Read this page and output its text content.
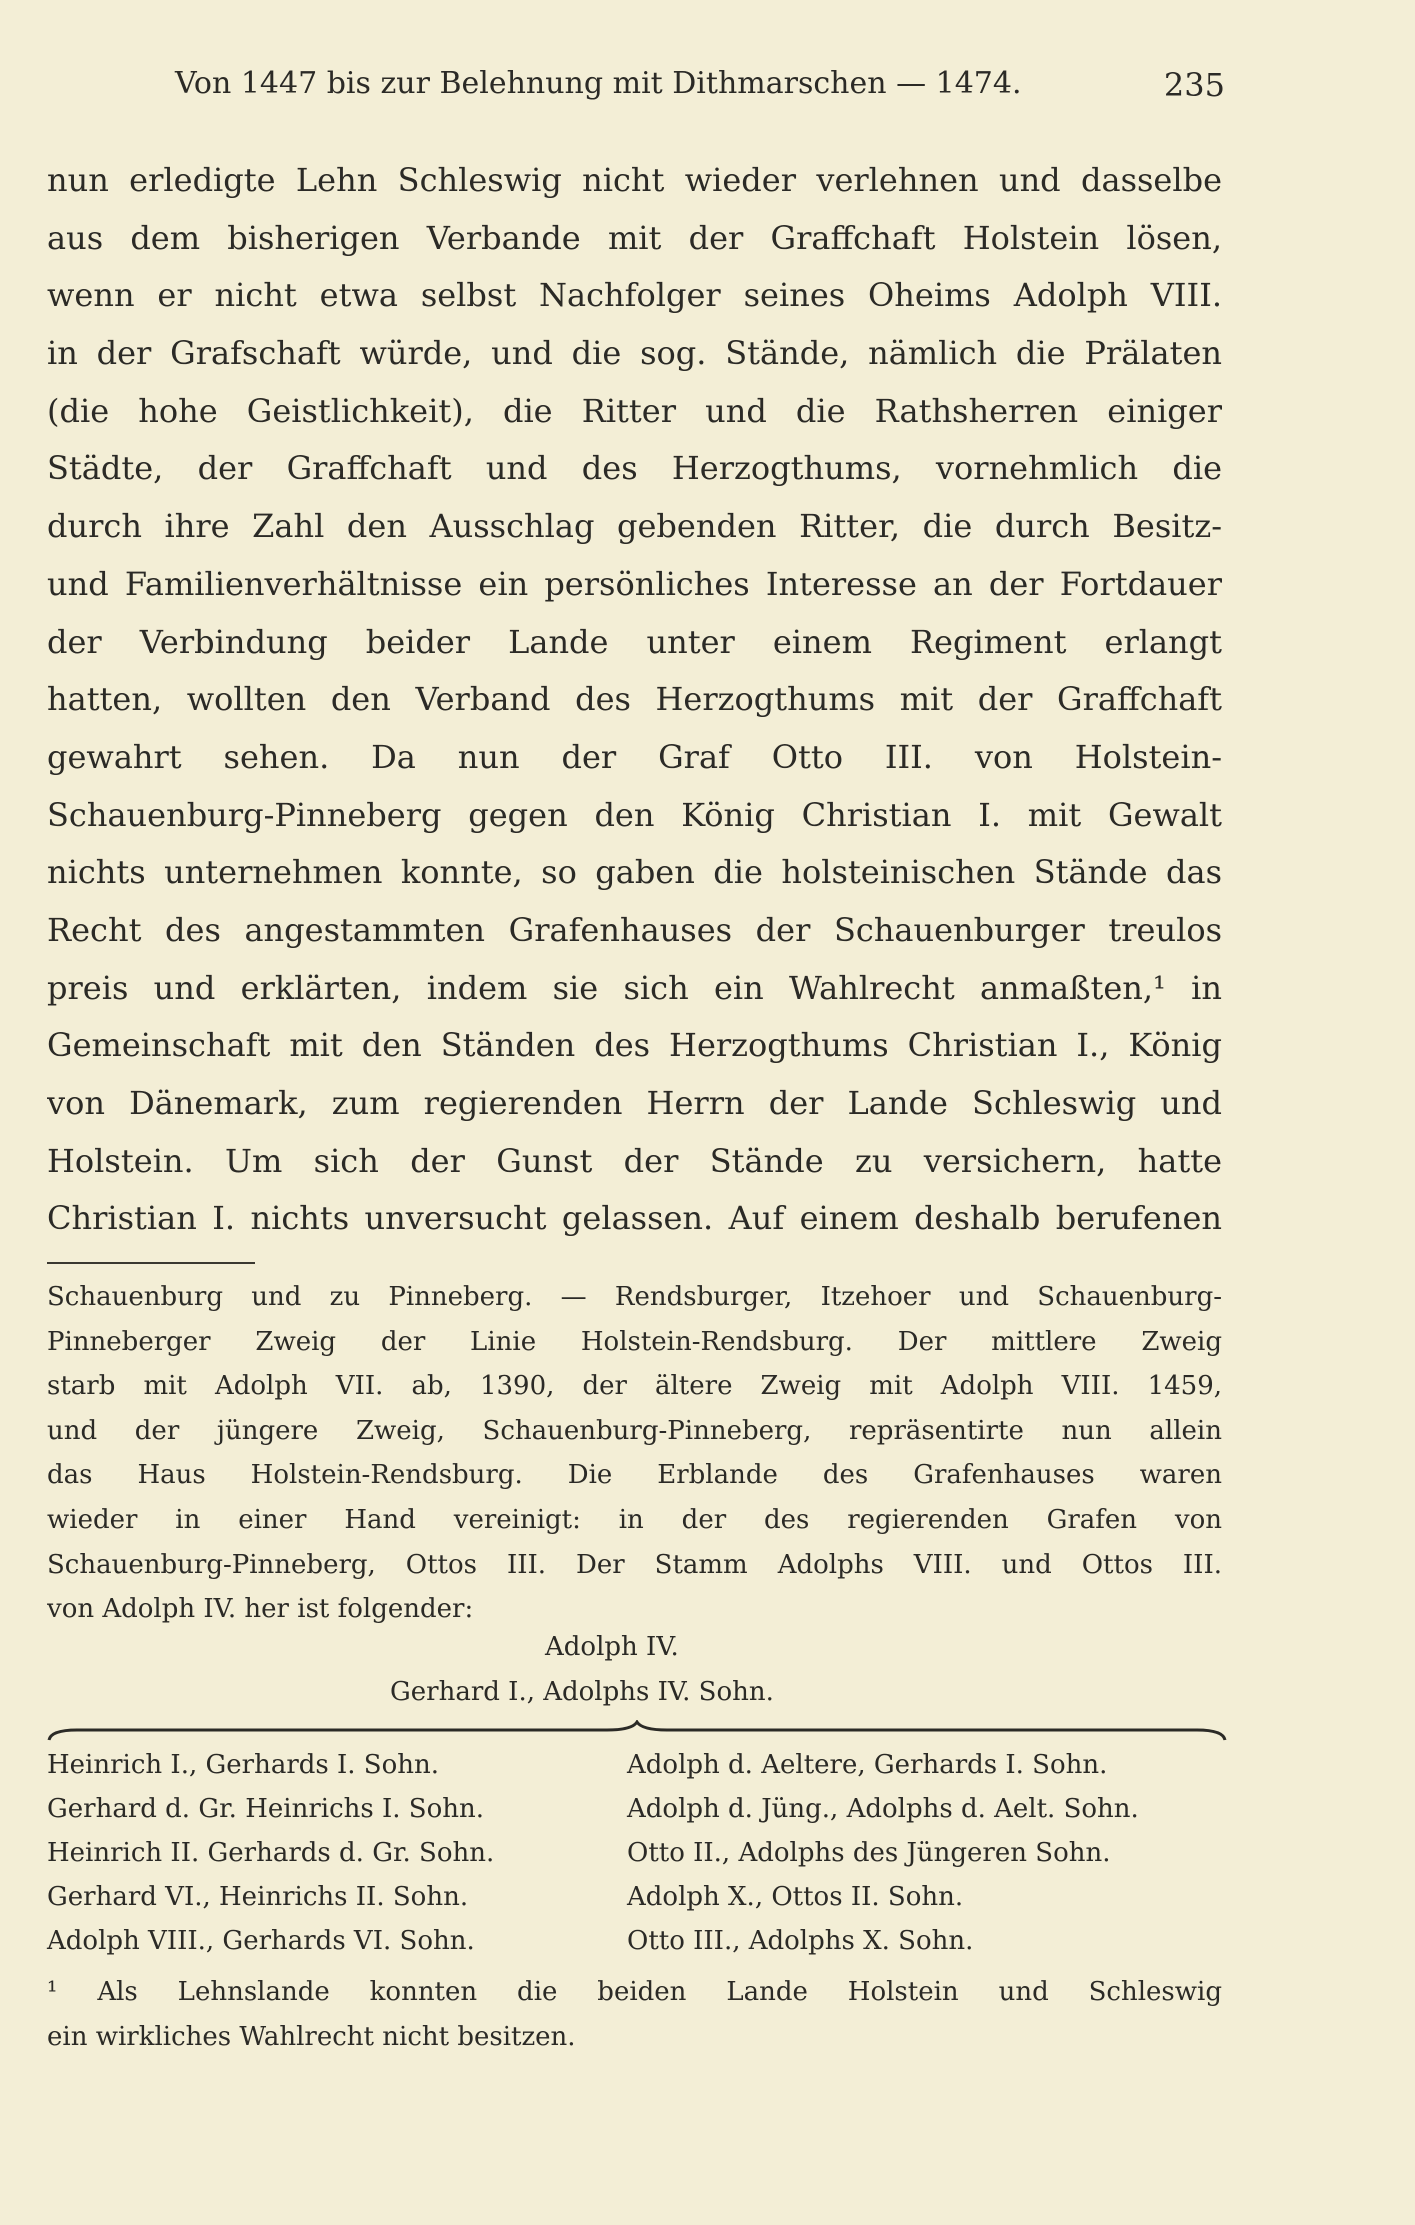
Von 1447 bis zur Belehnung mit Dithmarschen — 1474.	235
nun erledigte Lehn Schleswig nicht wieder verlehnen und dasselbe
aus dem bisherigen Verbande mit der Graffchaft Holstein lösen,
wenn er nicht etwa selbst Nachfolger seines Oheims Adolph VIII.
in der Grafschaft würde, und die sog. Stände, nämlich die Prälaten
(die hohe Geistlichkeit), die Ritter und die Rathsherren einiger
Städte, der Graffchaft und des Herzogthums, vornehmlich die
durch ihre Zahl den Ausschlag gebenden Ritter, die durch Besitz-
und Familienverhältnisse ein persönliches Interesse an der Fortdauer
der Verbindung beider Lande unter einem Regiment erlangt
hatten, wollten den Verband des Herzogthums mit der Graffchaft
gewahrt sehen. Da nun der Graf Otto III. von Holstein-
Schauenburg-Pinneberg gegen den König Christian I. mit Gewalt
nichts unternehmen konnte, so gaben die holsteinischen Stände das
Recht des angestammten Grafenhauses der Schauenburger treulos
preis und erklärten, indem sie sich ein Wahlrecht anmaßten,¹ in
Gemeinschaft mit den Ständen des Herzogthums Christian I., König
von Dänemark, zum regierenden Herrn der Lande Schleswig und
Holstein. Um sich der Gunst der Stände zu versichern, hatte
Christian I. nichts unversucht gelassen. Auf einem deshalb berufenen
Schauenburg und zu Pinneberg. — Rendsburger, Itzehoer und Schauenburg-
Pinneberger Zweig der Linie Holstein-Rendsburg. Der mittlere Zweig
starb mit Adolph VII. ab, 1390, der ältere Zweig mit Adolph VIII. 1459,
und der jüngere Zweig, Schauenburg-Pinneberg, repräsentirte nun allein
das Haus Holstein-Rendsburg. Die Erblande des Grafenhauses waren
wieder in einer Hand vereinigt: in der des regierenden Grafen von
Schauenburg-Pinneberg, Ottos III. Der Stamm Adolphs VIII. und Ottos III.
von Adolph IV. her ist folgender:
Adolph IV.
Gerhard I., Adolphs IV. Sohn.
Heinrich I., Gerhards I. Sohn.	Adolph d. Aeltere, Gerhards I. Sohn.
Gerhard d. Gr. Heinrichs I. Sohn.	Adolph d. Jüng., Adolphs d. Aelt. Sohn.
Heinrich II. Gerhards d. Gr. Sohn.	Otto II., Adolphs des Jüngeren Sohn.
Gerhard VI., Heinrichs II. Sohn.	Adolph X., Ottos II. Sohn.
Adolph VIII., Gerhards VI. Sohn.	Otto III., Adolphs X. Sohn.
¹ Als Lehnslande konnten die beiden Lande Holstein und Schleswig
ein wirkliches Wahlrecht nicht besitzen.
